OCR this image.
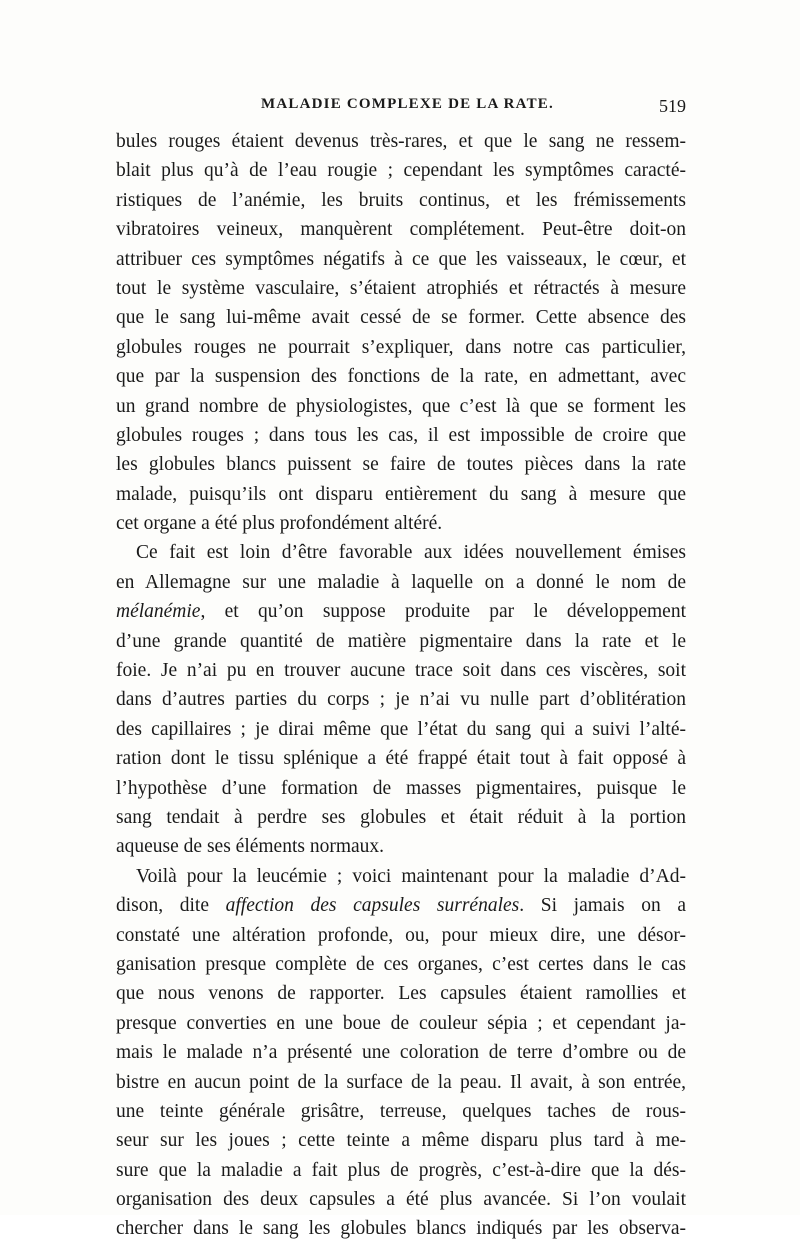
MALADIE COMPLEXE DE LA RATE.	519
bules rouges étaient devenus très-rares, et que le sang ne ressem-
blait plus qu’à de l’eau rougie ; cependant les symptômes caracté-
ristiques de l’anémie, les bruits continus, et les frémissements
vibratoires veineux, manquèrent complétement. Peut-être doit-on
attribuer ces symptômes négatifs à ce que les vaisseaux, le cœur, et
tout le système vasculaire, s’étaient atrophiés et rétractés à mesure
que le sang lui-même avait cessé de se former. Cette absence des
globules rouges ne pourrait s’expliquer, dans notre cas particulier,
que par la suspension des fonctions de la rate, en admettant, avec
un grand nombre de physiologistes, que c’est là que se forment les
globules rouges ; dans tous les cas, il est impossible de croire que
les globules blancs puissent se faire de toutes pièces dans la rate
malade, puisqu’ils ont disparu entièrement du sang à mesure que
cet organe a été plus profondément altéré.
Ce fait est loin d’être favorable aux idées nouvellement émises
en Allemagne sur une maladie à laquelle on a donné le nom de
mélanémie, et qu’on suppose produite par le développement
d’une grande quantité de matière pigmentaire dans la rate et le
foie. Je n’ai pu en trouver aucune trace soit dans ces viscères, soit
dans d’autres parties du corps ; je n’ai vu nulle part d’oblitération
des capillaires ; je dirai même que l’état du sang qui a suivi l’alté-
ration dont le tissu splénique a été frappé était tout à fait opposé à
l’hypothèse d’une formation de masses pigmentaires, puisque le
sang tendait à perdre ses globules et était réduit à la portion
aqueuse de ses éléments normaux.
Voilà pour la leucémie ; voici maintenant pour la maladie d’Ad-
dison, dite affection des capsules surrénales. Si jamais on a
constaté une altération profonde, ou, pour mieux dire, une désor-
ganisation presque complète de ces organes, c’est certes dans le cas
que nous venons de rapporter. Les capsules étaient ramollies et
presque converties en une boue de couleur sépia ; et cependant ja-
mais le malade n’a présenté une coloration de terre d’ombre ou de
bistre en aucun point de la surface de la peau. Il avait, à son entrée,
une teinte générale grisâtre, terreuse, quelques taches de rous-
seur sur les joues ; cette teinte a même disparu plus tard à me-
sure que la maladie a fait plus de progrès, c’est-à-dire que la dés-
organisation des deux capsules a été plus avancée. Si l’on voulait
chercher dans le sang les globules blancs indiqués par les observa-
